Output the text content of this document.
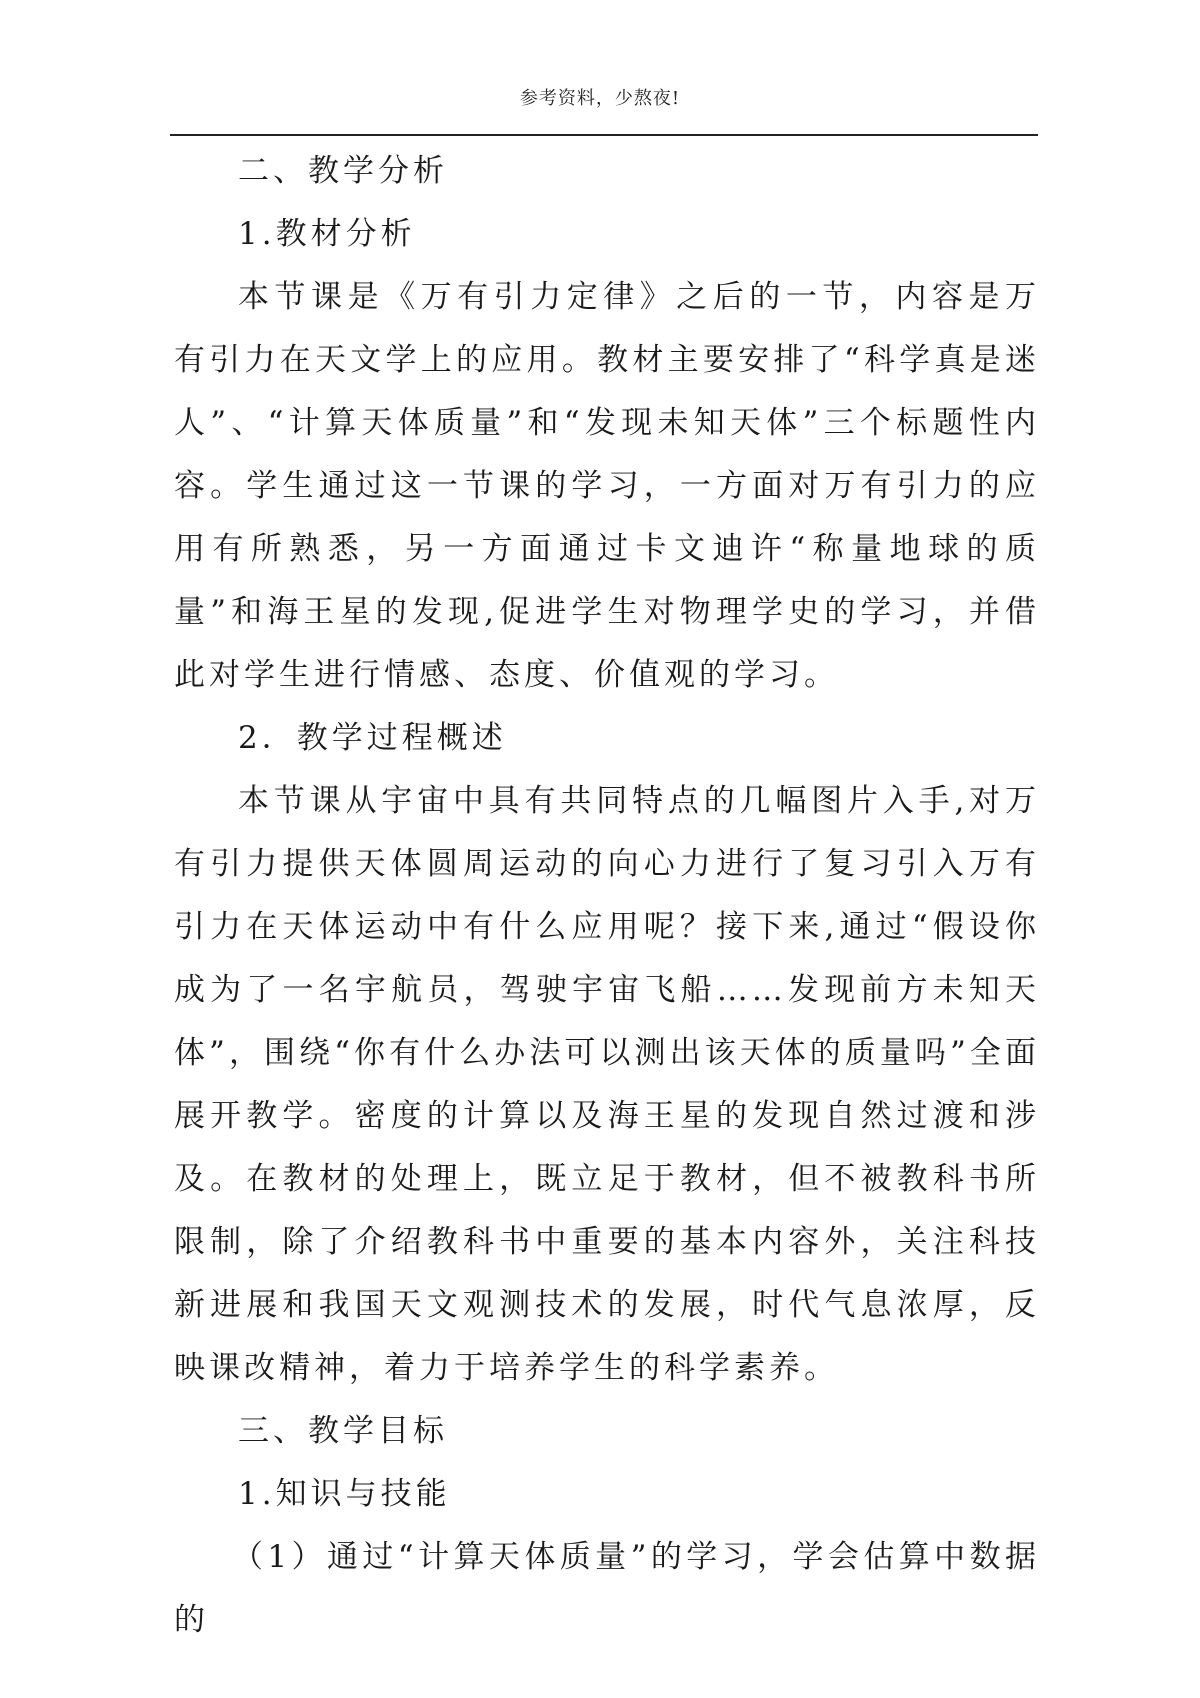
参考资料，少熬夜!

二、教学分析

1.教材分析

本节课是《万有引力定律》之后的一节，内容是万有引力在天文学上的应用。教材主要安排了“科学真是迷人”、“计算天体质量”和“发现未知天体”三个标题性内容。学生通过这一节课的学习，一方面对万有引力的应用有所熟悉，另一方面通过卡文迪许“称量地球的质量”和海王星的发现,促进学生对物理学史的学习，并借此对学生进行情感、态度、价值观的学习。

2．教学过程概述

本节课从宇宙中具有共同特点的几幅图片入手,对万有引力提供天体圆周运动的向心力进行了复习引入万有引力在天体运动中有什么应用呢？接下来,通过“假设你成为了一名宇航员，驾驶宇宙飞船……发现前方未知天体”，围绕“你有什么办法可以测出该天体的质量吗”全面展开教学。密度的计算以及海王星的发现自然过渡和涉及。在教材的处理上，既立足于教材，但不被教科书所限制，除了介绍教科书中重要的基本内容外，关注科技新进展和我国天文观测技术的发展，时代气息浓厚，反映课改精神，着力于培养学生的科学素养。

三、教学目标

1.知识与技能

（1）通过“计算天体质量”的学习，学会估算中数据的
